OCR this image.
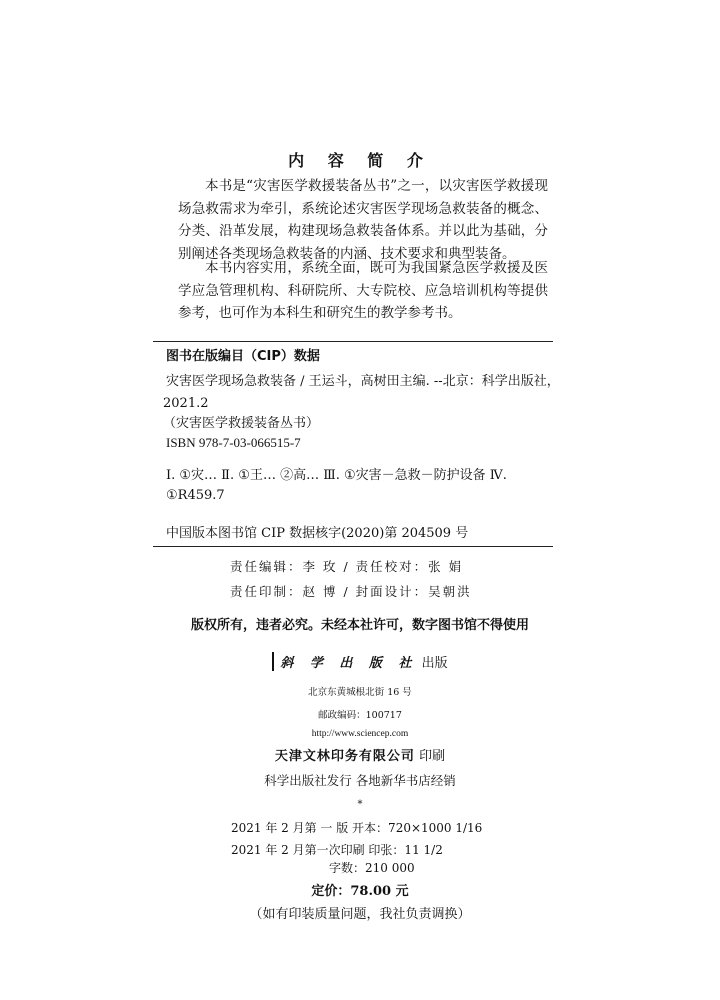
内 容 简 介

本书是“灾害医学救援装备丛书”之一，以灾害医学救援现场急救需求为牵引，系统论述灾害医学现场急救装备的概念、分类、沿革发展，构建现场急救装备体系。并以此为基础，分别阐述各类现场急救装备的内涵、技术要求和典型装备。

本书内容实用，系统全面，既可为我国紧急医学救援及医学应急管理机构、科研院所、大专院校、应急培训机构等提供参考，也可作为本科生和研究生的教学参考书。

图书在版编目（CIP）数据
灾害医学现场急救装备 / 王运斗，高树田主编. --北京：科学出版社，
2021.2
（灾害医学救援装备丛书）
ISBN 978-7-03-066515-7
Ⅰ. ①灾… Ⅱ. ①王… ②高… Ⅲ. ①灾害－急救－防护设备 Ⅳ.
①R459.7
中国版本图书馆 CIP 数据核字(2020)第 204509 号
责任编辑：李 玫 / 责任校对：张 娟
责任印制：赵 博 / 封面设计：吴朝洪
版权所有，违者必究。未经本社许可，数字图书馆不得使用
斜 学 出 版 社 出版
北京东黄城根北街 16 号
邮政编码：100717
http://www.sciencep.com
天津文林印务有限公司 印刷
科学出版社发行 各地新华书店经销
*
2021 年 2 月第 一 版 开本：720×1000 1/16
2021 年 2 月第一次印刷 印张：11 1/2
字数：210 000
定价：78.00 元
（如有印装质量问题，我社负责调换）
